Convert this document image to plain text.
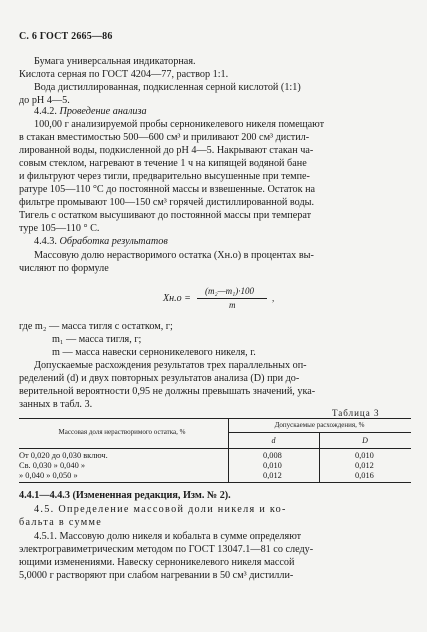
С. 6 ГОСТ 2665—86
Бумага универсальная индикаторная.
Кислота серная по ГОСТ 4204—77, раствор 1:1.
Вода дистиллированная, подкисленная серной кислотой (1:1)
до pH 4—5.
4.4.2. Проведение анализа
100,00 г анализируемой пробы серноникелевого никеля помещают
в стакан вместимостью 500—600 см³ и приливают 200 см³ дистил-
лированной воды, подкисленной до pH 4—5. Накрывают стакан ча-
совым стеклом, нагревают в течение 1 ч на кипящей водяной бане
и фильтруют через тигли, предварительно высушенные при темпе-
ратуре 105—110 °С до постоянной массы и взвешенные. Остаток на
фильтре промывают 100—150 см³ горячей дистиллированной воды.
Тигель с остатком высушивают до постоянной массы при температ
туре 105—110 ° С.
4.4.3. Обработка результатов
Массовую долю нерастворимого остатка (Xн.о) в процентах вы-
числяют по формуле
Xн.о =
(m₂—m₁)·100
m
,
где m₂ — масса тигля с остатком, г;
m₁ — масса тигля, г;
m — масса навески серноникелевого никеля, г.
Допускаемые расхождения результатов трех параллельных оп-
ределений (d) и двух повторных результатов анализа (D) при до-
верительной вероятности 0,95 не должны превышать значений, ука-
занных в табл. 3.
Таблица 3
Массовая доля нерастворимого остатка, %
Допускаемые расхождения, %
d	D
От 0,020 до 0,030 включ.	0,008	0,010
Св. 0,030 » 0,040 »	0,010	0,012
» 0,040 » 0,050 »	0,012	0,016
4.4.1—4.4.3 (Измененная редакция, Изм. № 2).
4.5. Определение массовой доли никеля и ко-
бальта в сумме
4.5.1. Массовую долю никеля и кобальта в сумме определяют
электрогравиметрическим методом по ГОСТ 13047.1—81 со следу-
ющими изменениями. Навеску серноникелевого никеля массой
5,0000 г растворяют при слабом нагревании в 50 см³ дистилли-
